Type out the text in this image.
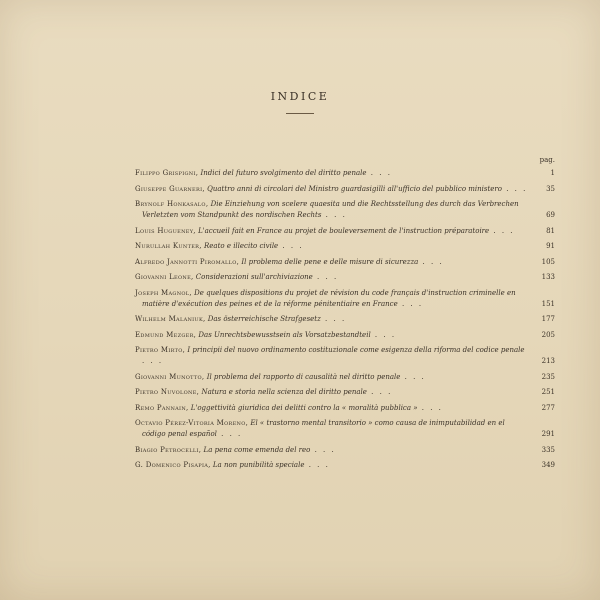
INDICE
pag.
Filippo Grispigni, Indici del futuro svolgimento del diritto penale . . .	1
Giuseppe Guarneri, Quattro anni di circolari del Ministro guardasigilli all'ufficio del pubblico ministero . . .	35
Brynolf Honkasalo, Die Einziehung von scelere quaesita und die Rechtsstellung des durch das Verbrechen Verletzten vom Standpunkt des nordischen Rechts . . .	69
Louis Hugueney, L'accueil fait en France au projet de bouleversement de l'instruction préparatoire . . .	81
Nurullah Kunter, Reato e illecito civile . . .	91
Alfredo Jannotti Piromallo, Il problema delle pene e delle misure di sicurezza . . .	105
Giovanni Leone, Considerazioni sull'archiviazione . . .	133
Joseph Magnol, De quelques dispositions du projet de révision du code français d'instruction criminelle en matière d'exécution des peines et de la réforme pénitentiaire en France . . .	151
Wilhelm Malaniuk, Das österreichische Strafgesetz . . .	177
Edmund Mezger, Das Unrechtsbewusstsein als Vorsatzbestandteil . . .	205
Pietro Mirto, I principii del nuovo ordinamento costituzionale come esigenza della riforma del codice penale . . .	213
Giovanni Munotto, Il problema del rapporto di causalità nel diritto penale . . .	235
Pietro Nuvolone, Natura e storia nella scienza del diritto penale . . .	251
Remo Pannain, L'oggettività giuridica dei delitti contro la « moralità pubblica » . . .	277
Octavio Pérez-Vitoria Moreno, El « trastorno mental transitorio » como causa de inimputabilidad en el código penal español . . .	291
Biagio Petrocelli, La pena come emenda del reo . . .	335
G. Domenico Pisapia, La non punibilità speciale . . .	349
